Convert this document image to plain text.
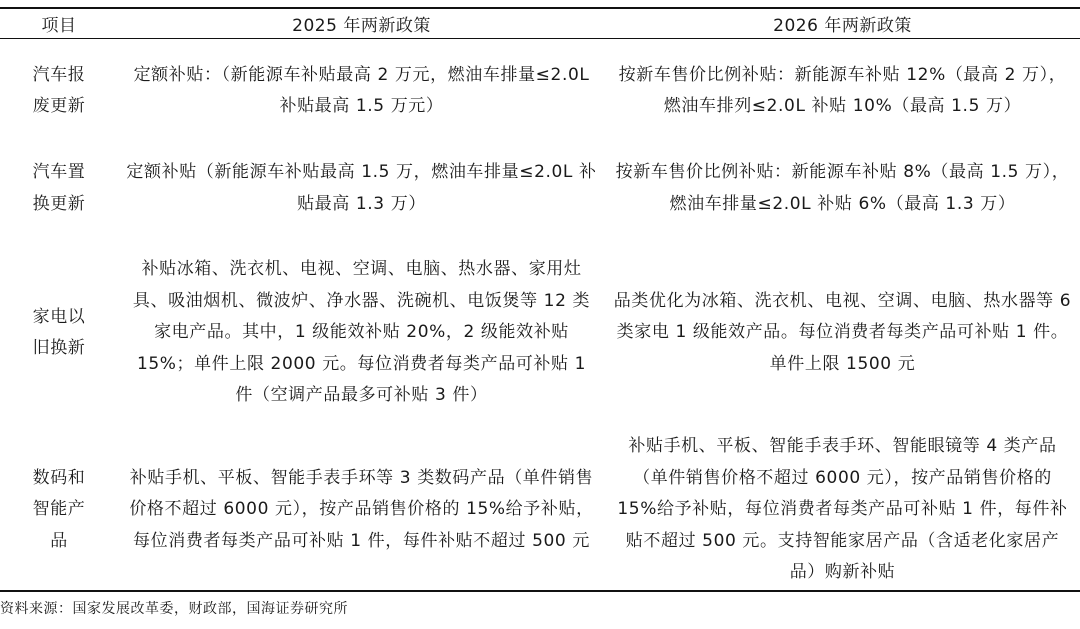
项目	2025 年两新政策	2026 年两新政策
汽车报废更新
定额补贴：（新能源车补贴最高 2 万元，燃油车排量≤2.0L 补贴最高 1.5 万元）
按新车售价比例补贴：新能源车补贴 12%（最高 2 万），燃油车排列≤2.0L 补贴 10%（最高 1.5 万）
汽车置换更新
定额补贴（新能源车补贴最高 1.5 万，燃油车排量≤2.0L 补贴最高 1.3 万）
按新车售价比例补贴：新能源车补贴 8%（最高 1.5 万），燃油车排量≤2.0L 补贴 6%（最高 1.3 万）
家电以旧换新
补贴冰箱、洗衣机、电视、空调、电脑、热水器、家用灶具、吸油烟机、微波炉、净水器、洗碗机、电饭煲等 12 类家电产品。其中，1 级能效补贴 20%，2 级能效补贴 15%；单件上限 2000 元。每位消费者每类产品可补贴 1 件（空调产品最多可补贴 3 件）
品类优化为冰箱、洗衣机、电视、空调、电脑、热水器等 6 类家电 1 级能效产品。每位消费者每类产品可补贴 1 件。单件上限 1500 元
数码和智能产品
补贴手机、平板、智能手表手环等 3 类数码产品（单件销售价格不超过 6000 元），按产品销售价格的 15%给予补贴，每位消费者每类产品可补贴 1 件，每件补贴不超过 500 元
补贴手机、平板、智能手表手环、智能眼镜等 4 类产品（单件销售价格不超过 6000 元），按产品销售价格的 15%给予补贴，每位消费者每类产品可补贴 1 件，每件补贴不超过 500 元。支持智能家居产品（含适老化家居产品）购新补贴
资料来源：国家发展改革委，财政部，国海证券研究所
